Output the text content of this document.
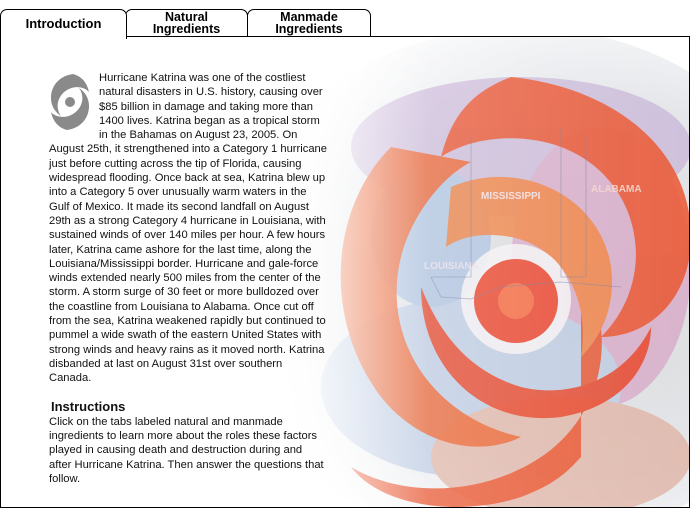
Introduction	Natural
Ingredients
Manmade
Ingredients

Hurricane Katrina was one of the costliest natural disasters in U.S. history, causing over $85 billion in damage and taking more than 1400 lives. Katrina began as a tropical storm in the Bahamas on August 23, 2005. On August 25th, it strengthened into a Category 1 hurricane just before cutting across the tip of Florida, causing widespread flooding. Once back at sea, Katrina blew up into a Category 5 over unusually warm waters in the Gulf of Mexico. It made its second landfall on August 29th as a strong Category 4 hurricane in Louisiana, with sustained winds of over 140 miles per hour. A few hours later, Katrina came ashore for the last time, along the Louisiana/Mississippi border. Hurricane and gale-force winds extended nearly 500 miles from the center of the storm. A storm surge of 30 feet or more bulldozed over the coastline from Louisiana to Alabama. Once cut off from the sea, Katrina weakened rapidly but continued to pummel a wide swath of the eastern United States with strong winds and heavy rains as it moved north. Katrina disbanded at last on August 31st over southern Canada.

Instructions

Click on the tabs labeled natural and manmade ingredients to learn more about the roles these factors played in causing death and destruction during and after Hurricane Katrina. Then answer the questions that follow.
